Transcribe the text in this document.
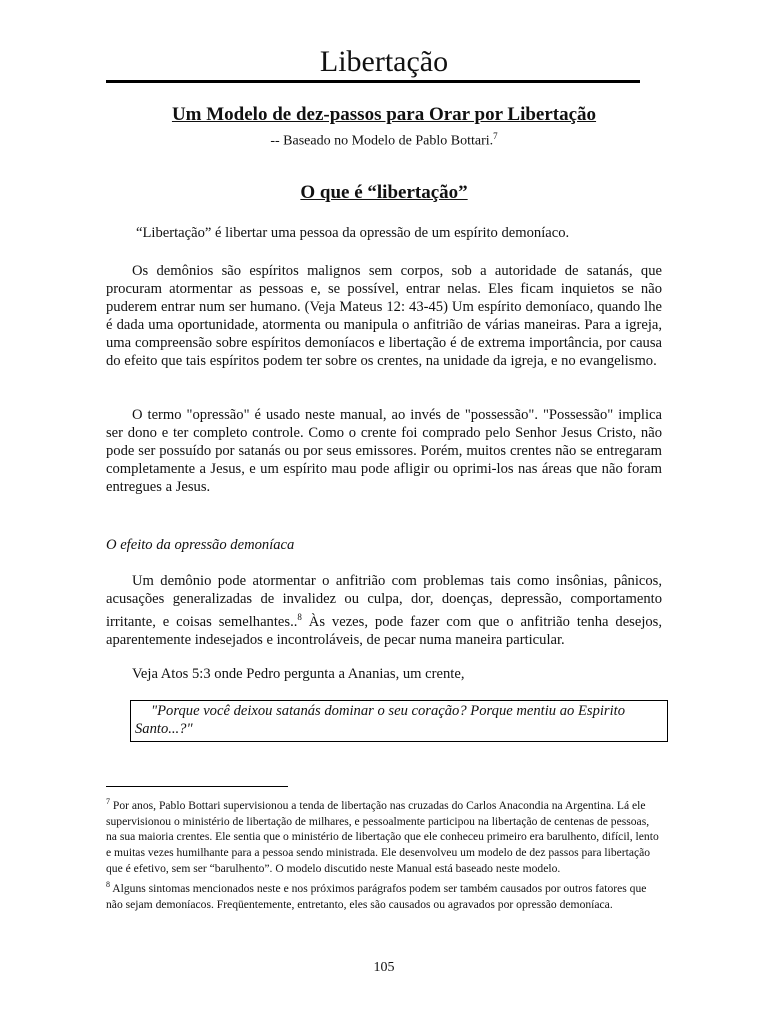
Libertação
Um Modelo de dez-passos para Orar por Libertação
-- Baseado no Modelo de Pablo Bottari.$^7$
O que é “libertação”

“Libertação” é libertar uma pessoa da opressão de um espírito demoníaco.

Os demônios são espíritos malignos sem corpos, sob a autoridade de satanás, que procuram atormentar as pessoas e, se possível, entrar nelas. Eles ficam inquietos se não puderem entrar num ser humano. (Veja Mateus 12: 43-45) Um espírito demoníaco, quando lhe é dada uma oportunidade, atormenta ou manipula o anfitrião de várias maneiras. Para a igreja, uma compreensão sobre espíritos demoníacos e libertação é de extrema importância, por causa do efeito que tais espíritos podem ter sobre os crentes, na unidade da igreja, e no evangelismo.

O termo "opressão" é usado neste manual, ao invés de "possessão". "Possessão" implica ser dono e ter completo controle. Como o crente foi comprado pelo Senhor Jesus Cristo, não pode ser possuído por satanás ou por seus emissores. Porém, muitos crentes não se entregaram completamente a Jesus, e um espírito mau pode afligir ou oprimi-los nas áreas que não foram entregues a Jesus.

O efeito da opressão demoníaca

Um demônio pode atormentar o anfitrião com problemas tais como insônias, pânicos, acusações generalizadas de invalidez ou culpa, dor, doenças, depressão, comportamento irritante, e coisas semelhantes..$^8$ Às vezes, pode fazer com que o anfitrião tenha desejos, aparentemente indesejados e incontroláveis, de pecar numa maneira particular.

Veja Atos 5:3 onde Pedro pergunta a Ananias, um crente,

"Porque você deixou satanás dominar o seu coração? Porque mentiu ao Espirito Santo...?"

$^7$ Por anos, Pablo Bottari supervisionou a tenda de libertação nas cruzadas do Carlos Anacondia na Argentina. Lá ele supervisionou o ministério de libertação de milhares, e pessoalmente participou na libertação de centenas de pessoas, na sua maioria crentes. Ele sentia que o ministério de libertação que ele conheceu primeiro era barulhento, difícil, lento e muitas vezes humilhante para a pessoa sendo ministrada. Ele desenvolveu um modelo de dez passos para libertação que é efetivo, sem ser “barulhento”. O modelo discutido neste Manual está baseado neste modelo.

$^8$ Alguns sintomas mencionados neste e nos próximos parágrafos podem ser também causados por outros fatores que não sejam demoníacos. Freqüentemente, entretanto, eles são causados ou agravados por opressão demoníaca.

105
